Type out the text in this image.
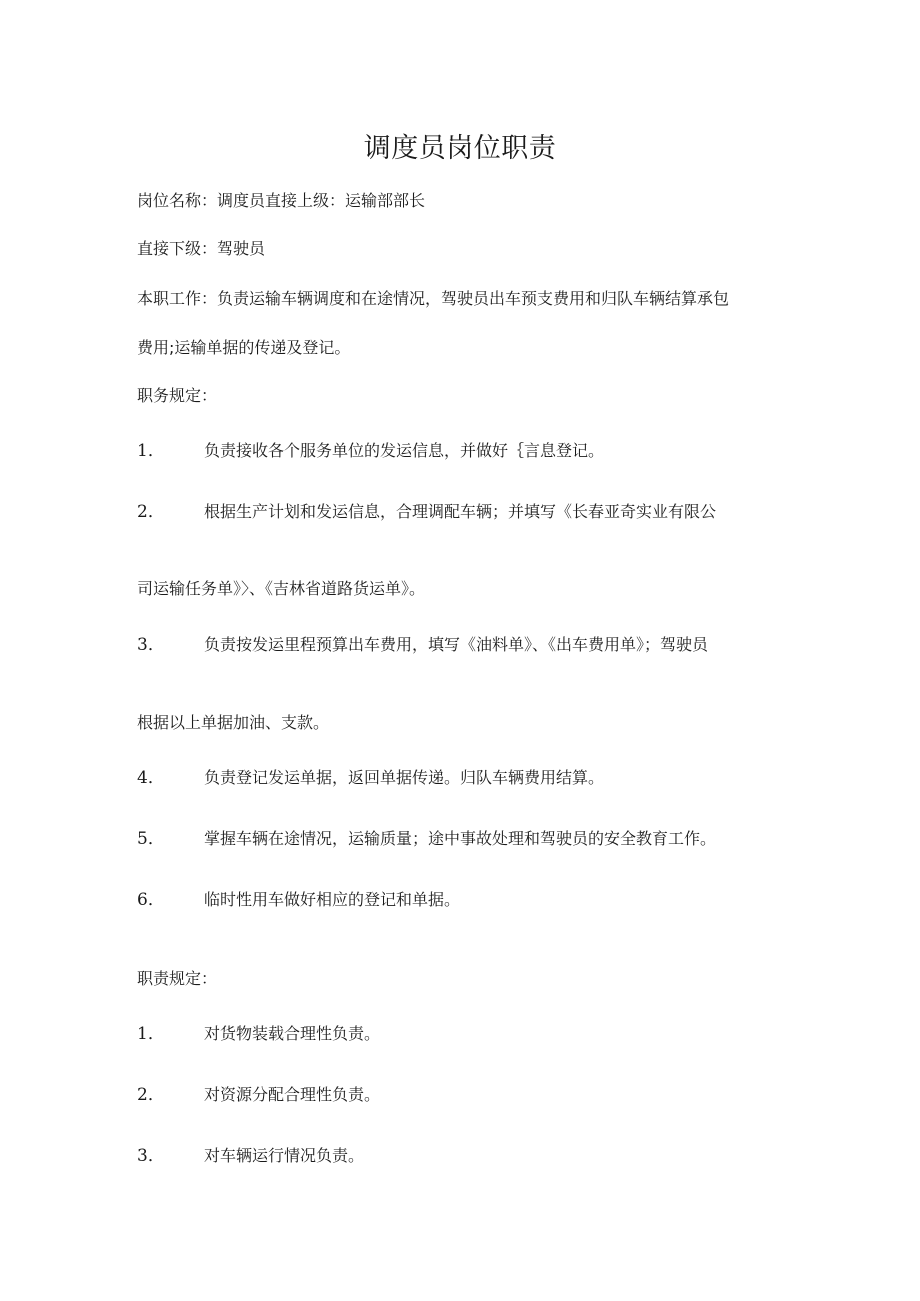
调度员岗位职责

岗位名称：调度员直接上级：运输部部长

直接下级：驾驶员

本职工作：负责运输车辆调度和在途情况，驾驶员出车预支费用和归队车辆结算承包

费用;运输单据的传递及登记。

职务规定：

1． 负责接收各个服务单位的发运信息，并做好｛言息登记。
2． 根据生产计划和发运信息，合理调配车辆；并填写《长春亚奇实业有限公
司运输任务单》〉、《吉林省道路货运单》。
3． 负责按发运里程预算出车费用，填写《油料单》、《出车费用单》；驾驶员
根据以上单据加油、支款。
4． 负责登记发运单据，返回单据传递。归队车辆费用结算。
5． 掌握车辆在途情况，运输质量；途中事故处理和驾驶员的安全教育工作。
6． 临时性用车做好相应的登记和单据。

职责规定：

1． 对货物装载合理性负责。
2． 对资源分配合理性负责。
3． 对车辆运行情况负责。
